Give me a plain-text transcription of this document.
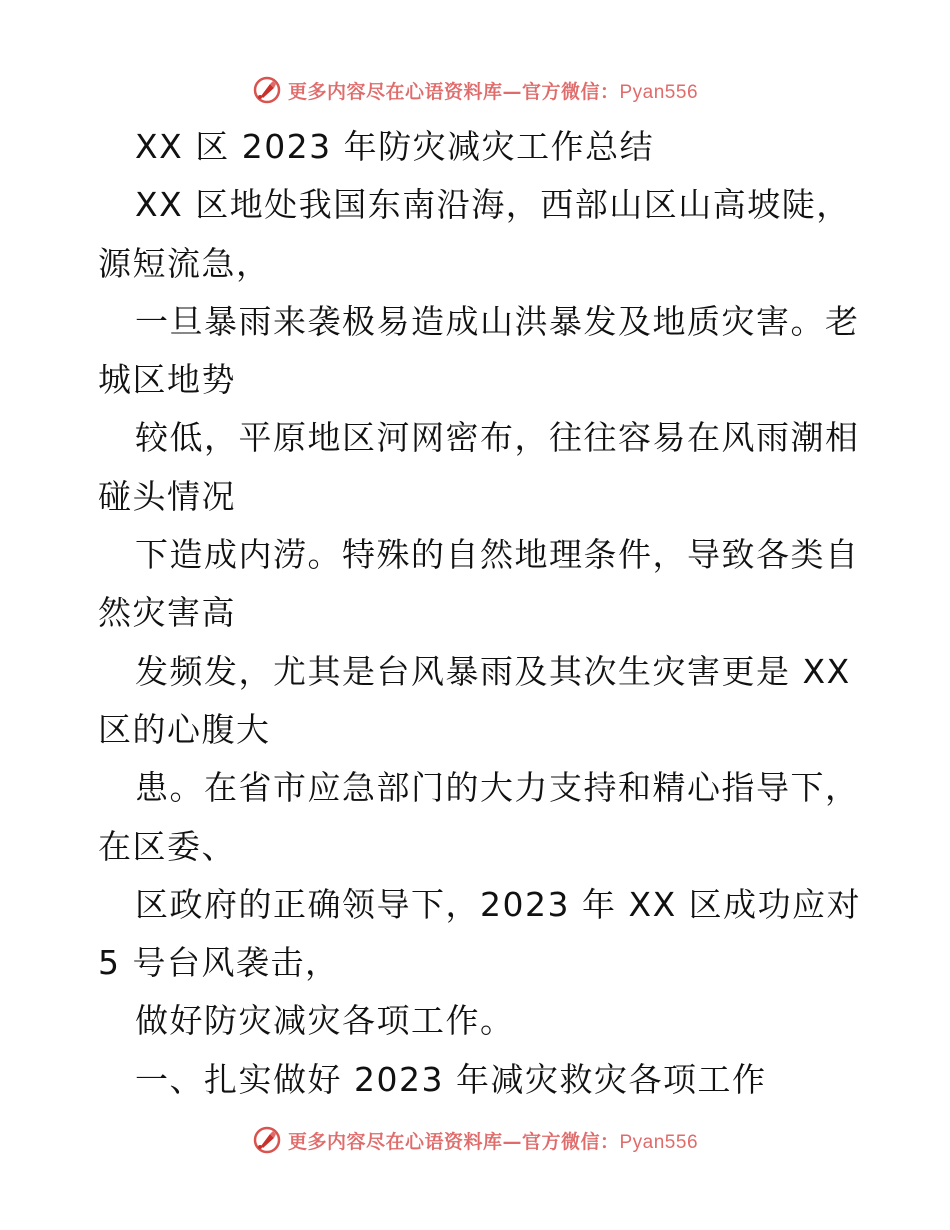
更多内容尽在心语资料库—官方微信：Pyan556
XX 区 2023 年防灾减灾工作总结
XX 区地处我国东南沿海，西部山区山高坡陡，
源短流急，
一旦暴雨来袭极易造成山洪暴发及地质灾害。老
城区地势
较低，平原地区河网密布，往往容易在风雨潮相
碰头情况
下造成内涝。特殊的自然地理条件，导致各类自
然灾害高
发频发，尤其是台风暴雨及其次生灾害更是 XX
区的心腹大
患。在省市应急部门的大力支持和精心指导下，
在区委、
区政府的正确领导下，2023 年 XX 区成功应对
5 号台风袭击，
做好防灾减灾各项工作。
一、扎实做好 2023 年减灾救灾各项工作
更多内容尽在心语资料库—官方微信：Pyan556
